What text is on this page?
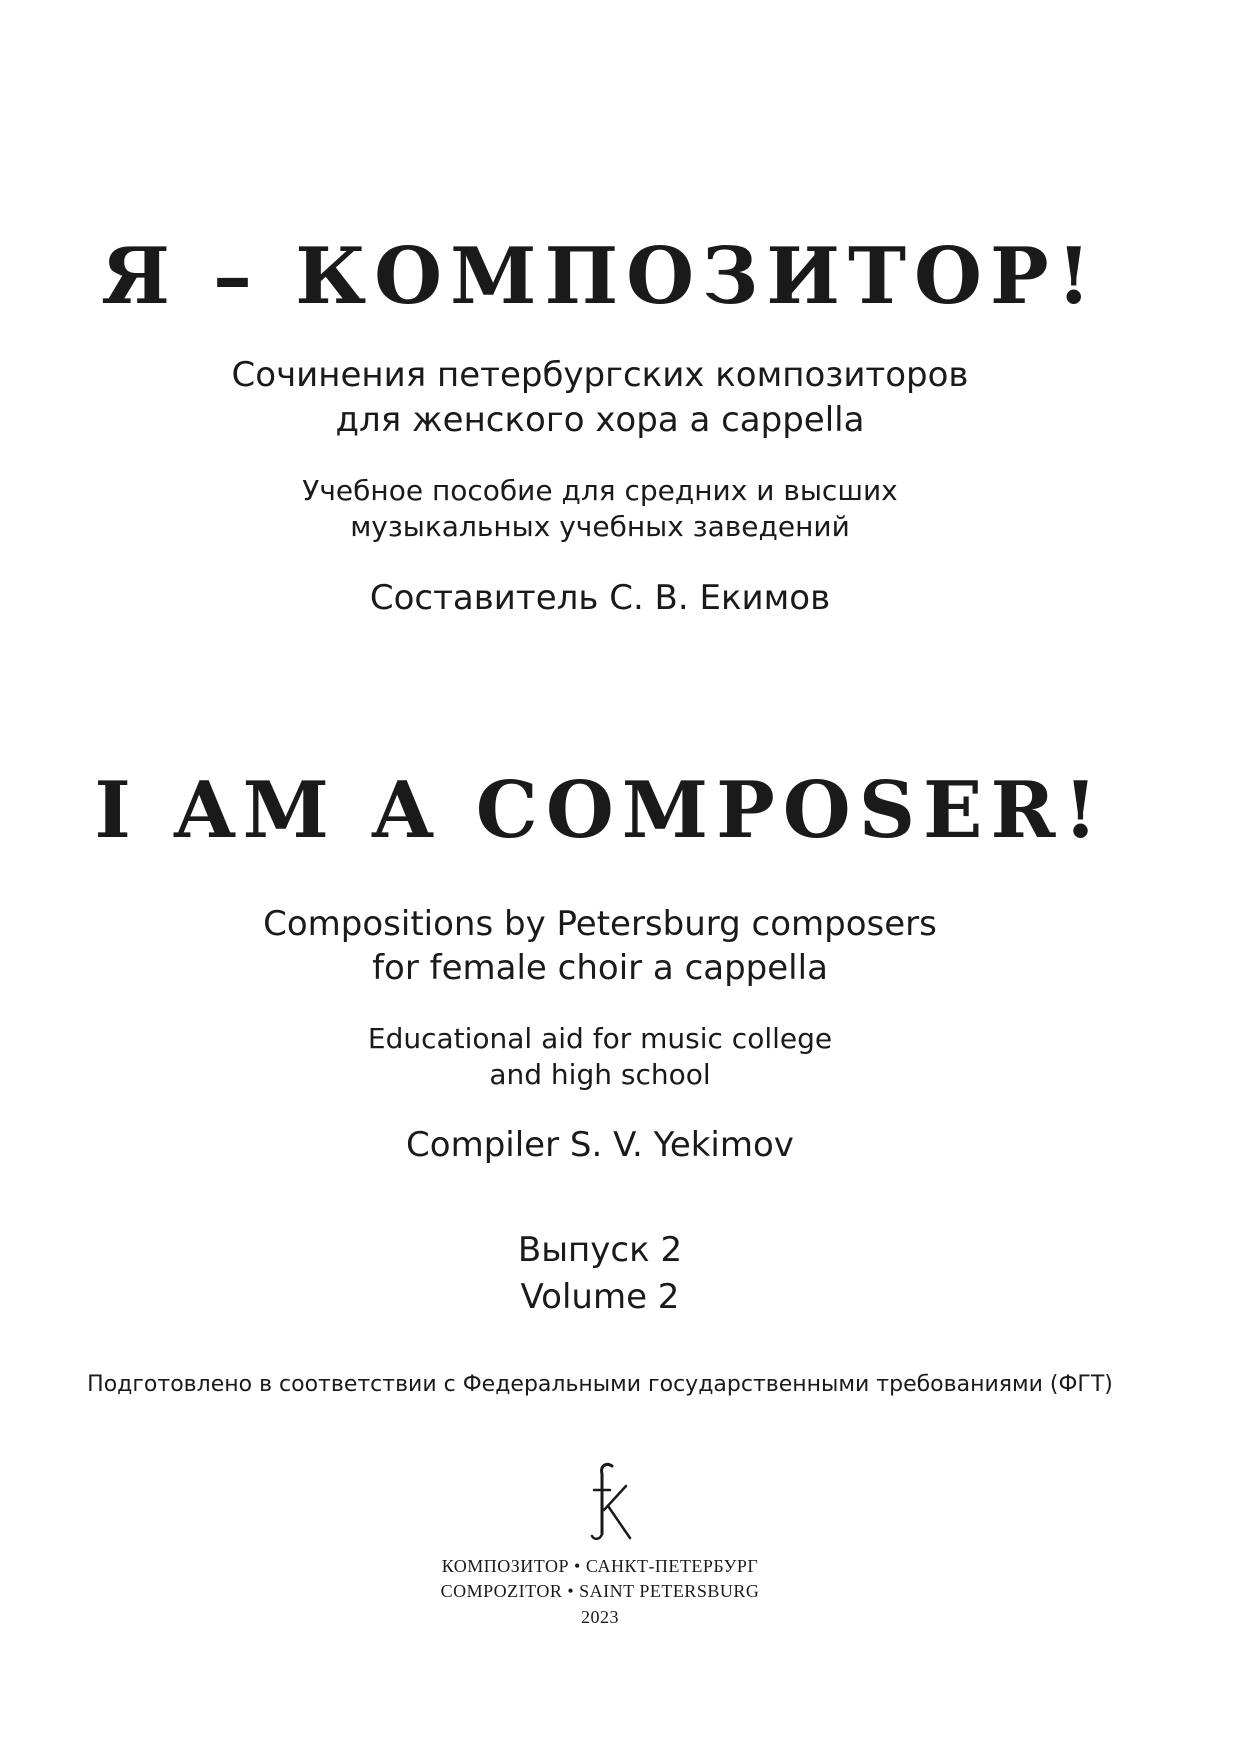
Я – КОМПОЗИТОР!
Сочинения петербургских композиторов
для женского хора a cappella
Учебное пособие для средних и высших
музыкальных учебных заведений
Составитель С. В. Екимов
I AM A COMPOSER!
Compositions by Petersburg composers
for female choir a cappella
Educational aid for music college
and high school
Compiler S. V. Yekimov
Выпуск 2
Volume 2
Подготовлено в соответствии с Федеральными государственными требованиями (ФГТ)
КОМПОЗИТОР • САНКТ-ПЕТЕРБУРГ
COMPOZITOR • SAINT PETERSBURG
2023
